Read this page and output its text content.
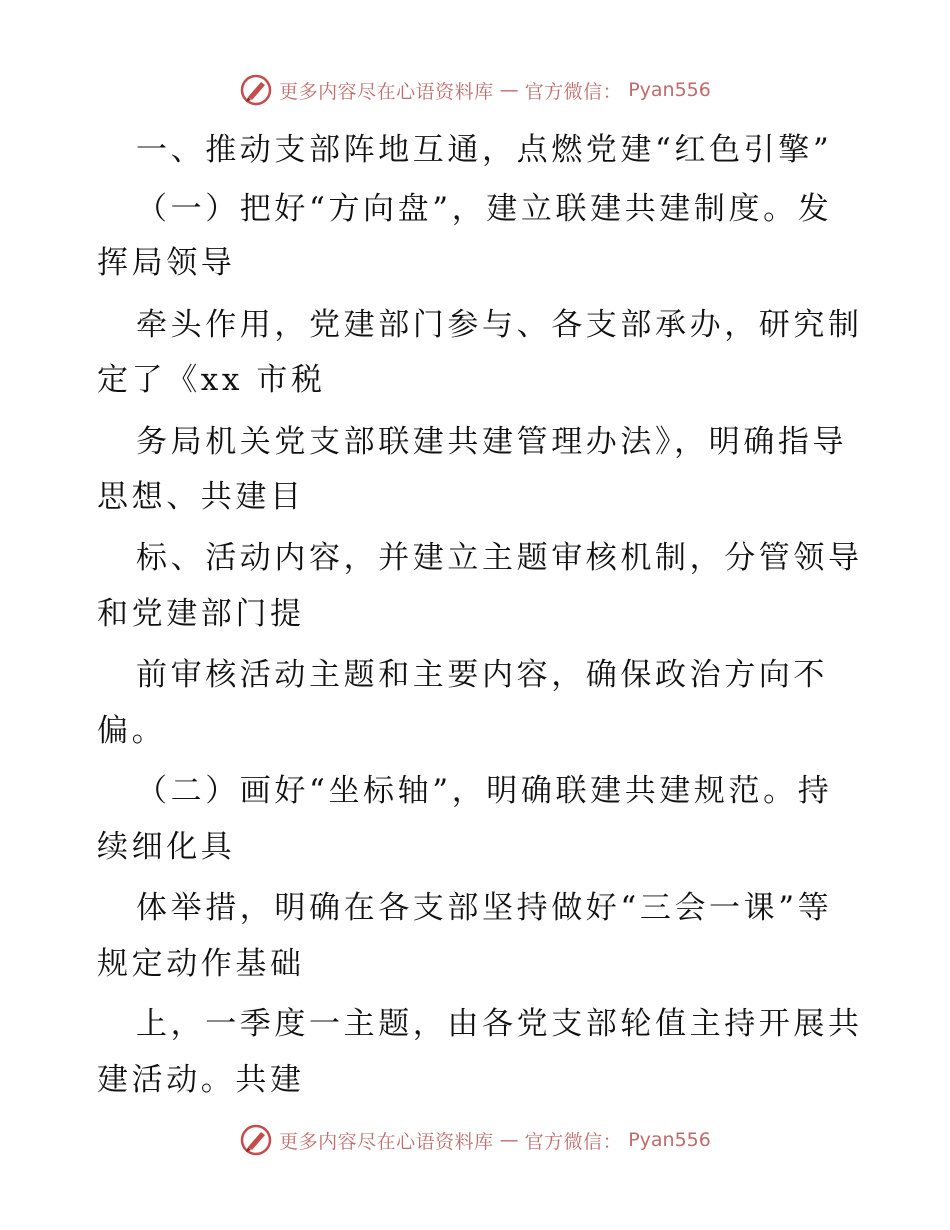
更多内容尽在心语资料库 — 官方微信： Pyan556
一、推动支部阵地互通，点燃党建“红色引擎”
（一）把好“方向盘”，建立联建共建制度。发
挥局领导
牵头作用，党建部门参与、各支部承办，研究制
定了《xx 市税
务局机关党支部联建共建管理办法》，明确指导
思想、共建目
标、活动内容，并建立主题审核机制，分管领导
和党建部门提
前审核活动主题和主要内容，确保政治方向不
偏。
（二）画好“坐标轴”，明确联建共建规范。持
续细化具
体举措，明确在各支部坚持做好“三会一课”等
规定动作基础
上，一季度一主题，由各党支部轮值主持开展共
建活动。共建
更多内容尽在心语资料库 — 官方微信： Pyan556
